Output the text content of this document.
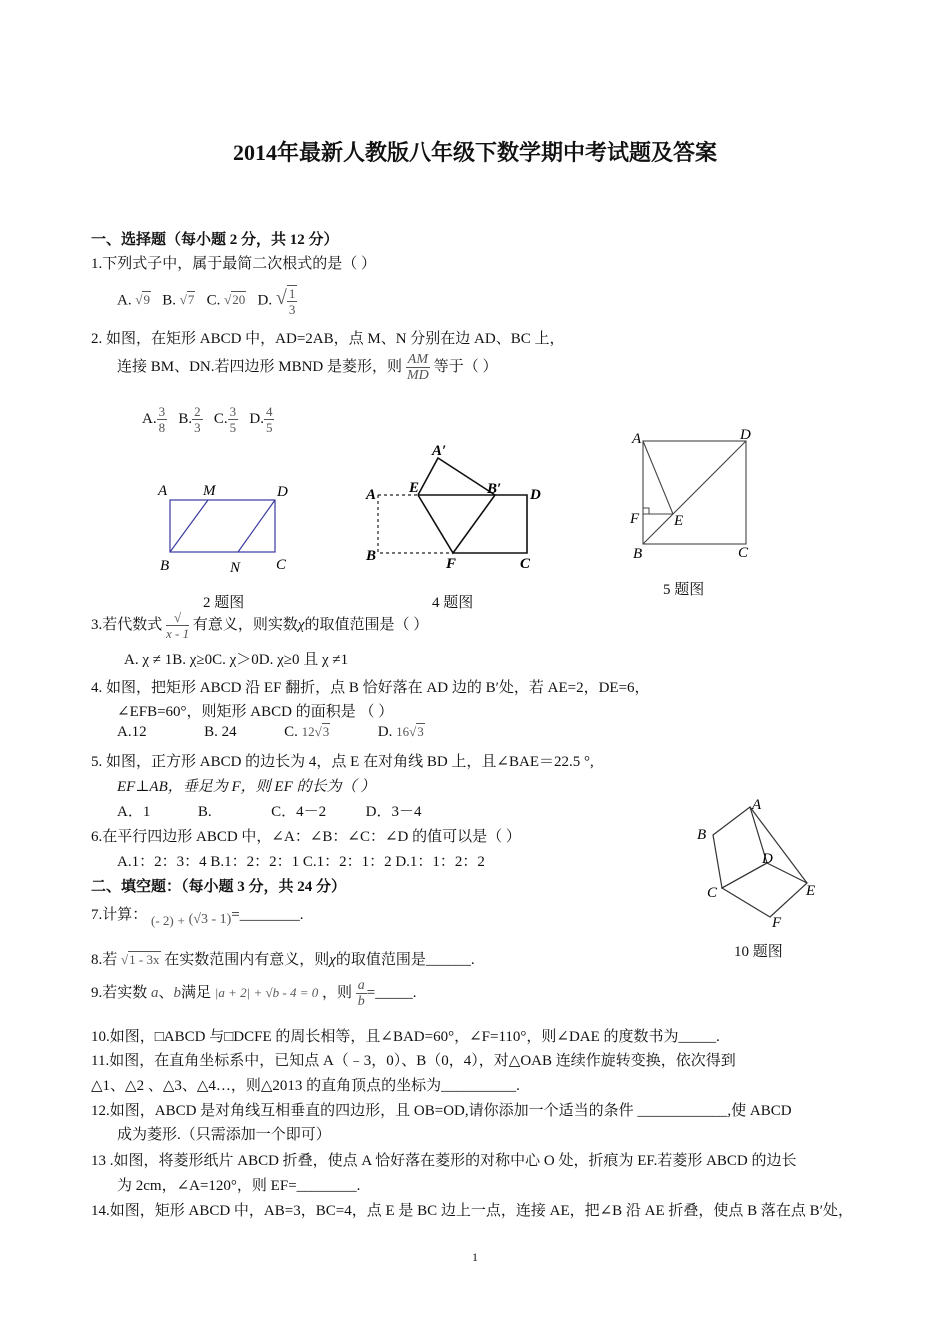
2014年最新人教版八年级下数学期中考试题及答案
一、选择题（每小题 2 分，共 12 分）
1.下列式子中，属于最简二次根式的是（ ）
A. √9 B. √7 C. √20 D. √ $\frac{1}{3}$
2. 如图，在矩形 ABCD 中，AD=2AB，点 M、N 分别在边 AD、BC 上，
连接 BM、DN.若四边形 MBND 是菱形，则 $\frac{AM}{MD}$ 等于（ ）
A. $\frac{3}{8} B$. $\frac{2}{3} C$. $\frac{3}{5} D$. $\frac{4}{5}$
A M	D
B	N C
2 题图
A′
A E	B′ D
B	F	C
4 题图
A	D
F E
B	C
5 题图
3.若代数式 $\frac{√}{x - 1}$ 有意义，则实数χ的取值范围是（ ）
A. χ ≠ 1B. χ≥0C. χ＞0D. χ≥0 且 χ ≠1
4. 如图，把矩形 ABCD 沿 EF 翻折，点 B 恰好落在 AD 边的 B′处，若 AE=2，DE=6，
∠EFB=60°，则矩形 ABCD 的面积是 （ ）
A.12	B. 24	C. 12√3	D. 16√3
5. 如图，正方形 ABCD 的边长为 4，点 E 在对角线 BD 上，且∠BAE＝22.5 °,
EF⊥AB，垂足为 F，则 EF 的长为（ ）
A．1	B.	C．4－2	D．3－4
6.在平行四边形 ABCD 中，∠A：∠B：∠C：∠D 的值可以是（ ）
A.1：2：3：4 B.1：2：2：1 C.1：2：1：2 D.1：1：2：2
A
B
D
C	E
F
10 题图
二、填空题：（每小题 3 分，共 24 分）
7.计算： (- 2) + (√3 - 1)=________.
8.若 √1 - 3x 在实数范围内有意义，则χ的取值范围是______.
9.若实数 a、b满足 |a + 2| + √b - 4 = 0 ，则 $\frac{a}{b}$ =_____.
10.如图，□ABCD 与□DCFE 的周长相等，且∠BAD=60°，∠F=110°，则∠DAE 的度数书为_____.
11.如图，在直角坐标系中，已知点 A（﹣3，0）、B（0，4），对△OAB 连续作旋转变换，依次得到
△1、△2 、△3、△4…，则△2013 的直角顶点的坐标为__________.
12.如图，ABCD 是对角线互相垂直的四边形，且 OB=OD,请你添加一个适当的条件 ____________,使 ABCD
成为菱形.（只需添加一个即可）
13 .如图，将菱形纸片 ABCD 折叠，使点 A 恰好落在菱形的对称中心 O 处，折痕为 EF.若菱形 ABCD 的边长
为 2cm，∠A=120°，则 EF=________.
14.如图，矩形 ABCD 中，AB=3，BC=4，点 E 是 BC 边上一点，连接 AE，把∠B 沿 AE 折叠，使点 B 落在点 B′处，
1
